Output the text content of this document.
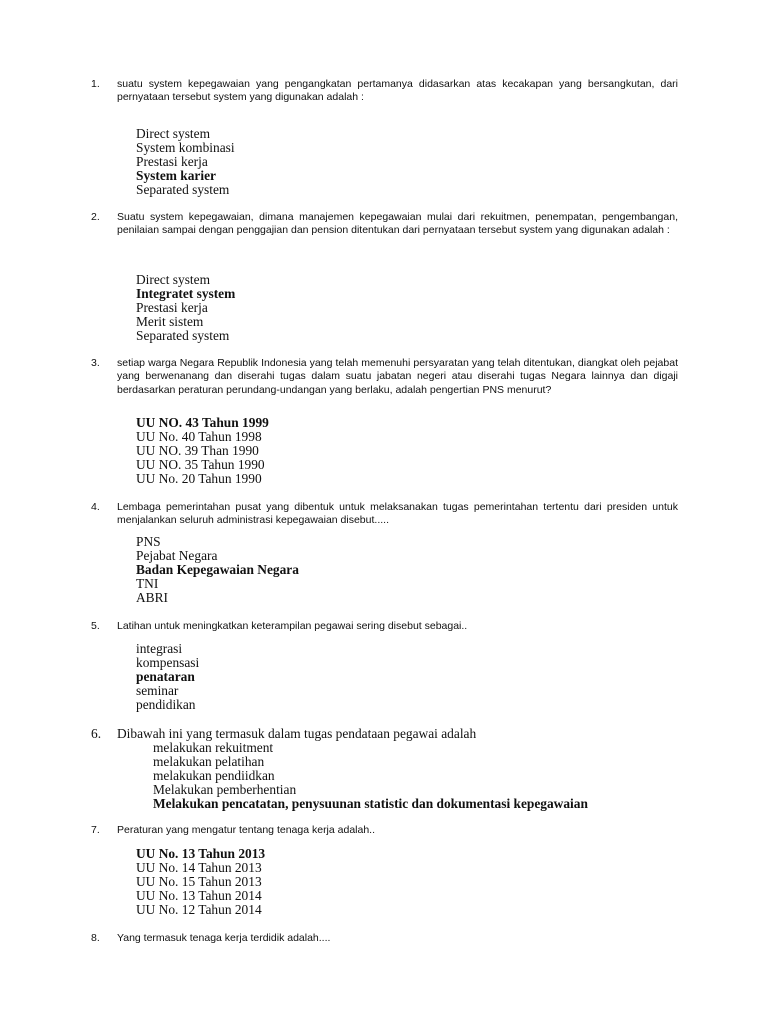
1. suatu system kepegawaian yang pengangkatan pertamanya didasarkan atas kecakapan yang bersangkutan, dari pernyataan tersebut system yang digunakan adalah :
Direct system
System kombinasi
Prestasi kerja
System karier
Separated system
2. Suatu system kepegawaian, dimana manajemen kepegawaian mulai dari rekuitmen, penempatan, pengembangan, penilaian sampai dengan penggajian dan pension ditentukan dari pernyataan tersebut system yang digunakan adalah :
Direct system
Integratet system
Prestasi kerja
Merit sistem
Separated system
3. setiap warga Negara Republik Indonesia yang telah memenuhi persyaratan yang telah ditentukan, diangkat oleh pejabat yang berwenanang dan diserahi tugas dalam suatu jabatan negeri atau diserahi tugas Negara lainnya dan digaji berdasarkan peraturan perundang-undangan yang berlaku, adalah pengertian PNS menurut?
UU NO. 43 Tahun 1999
UU No. 40 Tahun 1998
UU NO. 39 Than 1990
UU NO. 35 Tahun 1990
UU No. 20 Tahun 1990
4. Lembaga pemerintahan pusat yang dibentuk untuk melaksanakan tugas pemerintahan tertentu dari presiden untuk menjalankan seluruh administrasi kepegawaian disebut.....
PNS
Pejabat Negara
Badan Kepegawaian Negara
TNI
ABRI
5. Latihan untuk meningkatkan keterampilan pegawai sering disebut sebagai..
integrasi
kompensasi
penataran
seminar
pendidikan
6. Dibawah ini yang termasuk dalam tugas pendataan pegawai adalah
melakukan rekuitment
melakukan pelatihan
melakukan pendiidkan
Melakukan pemberhentian
Melakukan pencatatan, penysuunan statistic dan dokumentasi kepegawaian
7. Peraturan yang mengatur tentang tenaga kerja adalah..
UU No. 13 Tahun 2013
UU No. 14 Tahun 2013
UU No. 15 Tahun 2013
UU No. 13 Tahun 2014
UU No. 12 Tahun 2014
8. Yang termasuk tenaga kerja terdidik adalah....
